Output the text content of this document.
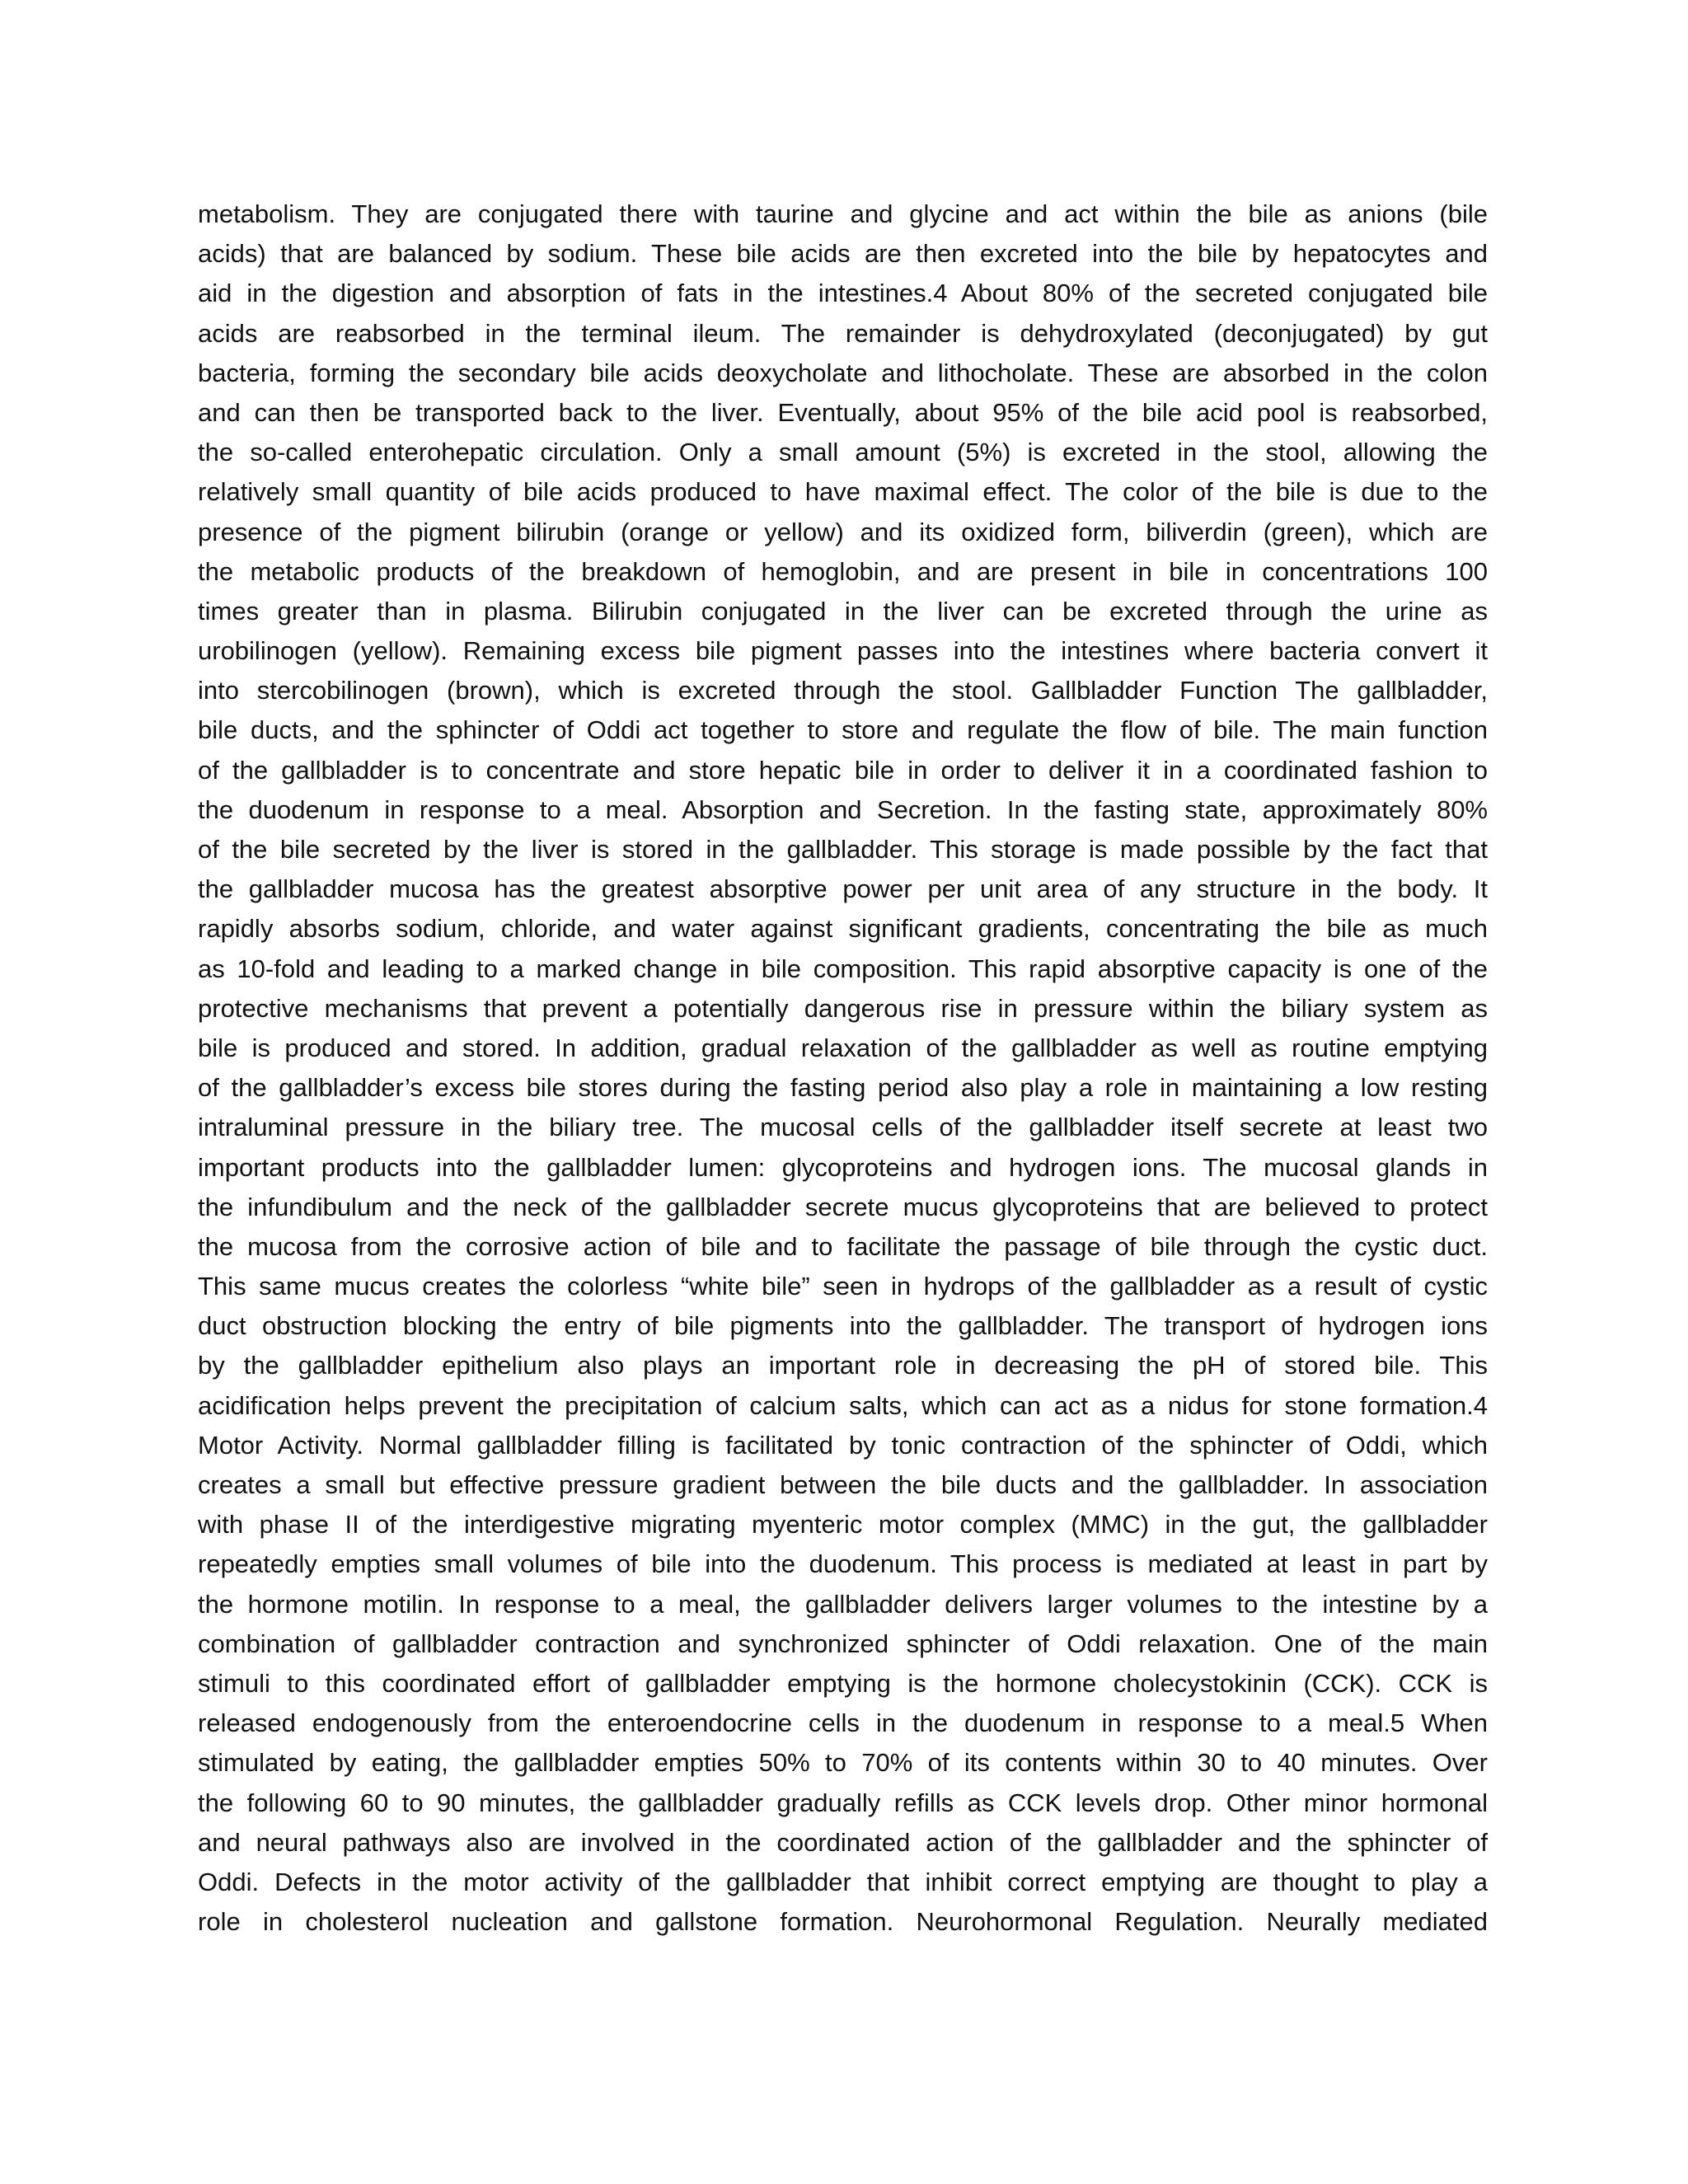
metabolism. They are conjugated there with taurine and glycine and act within the bile as anions (bile
acids) that are balanced by sodium. These bile acids are then excreted into the bile by hepatocytes and
aid in the digestion and absorption of fats in the intestines.4 About 80% of the secreted conjugated bile
acids are reabsorbed in the terminal ileum. The remainder is dehydroxylated (deconjugated) by gut
bacteria, forming the secondary bile acids deoxycholate and lithocholate. These are absorbed in the colon
and can then be transported back to the liver. Eventually, about 95% of the bile acid pool is reabsorbed,
the so-called enterohepatic circulation. Only a small amount (5%) is excreted in the stool, allowing the
relatively small quantity of bile acids produced to have maximal effect. The color of the bile is due to the
presence of the pigment bilirubin (orange or yellow) and its oxidized form, biliverdin (green), which are
the metabolic products of the breakdown of hemoglobin, and are present in bile in concentrations 100
times greater than in plasma. Bilirubin conjugated in the liver can be excreted through the urine as
urobilinogen (yellow). Remaining excess bile pigment passes into the intestines where bacteria convert it
into stercobilinogen (brown), which is excreted through the stool. Gallbladder Function The gallbladder,
bile ducts, and the sphincter of Oddi act together to store and regulate the flow of bile. The main function
of the gallbladder is to concentrate and store hepatic bile in order to deliver it in a coordinated fashion to
the duodenum in response to a meal. Absorption and Secretion. In the fasting state, approximately 80%
of the bile secreted by the liver is stored in the gallbladder. This storage is made possible by the fact that
the gallbladder mucosa has the greatest absorptive power per unit area of any structure in the body. It
rapidly absorbs sodium, chloride, and water against significant gradients, concentrating the bile as much
as 10-fold and leading to a marked change in bile composition. This rapid absorptive capacity is one of the
protective mechanisms that prevent a potentially dangerous rise in pressure within the biliary system as
bile is produced and stored. In addition, gradual relaxation of the gallbladder as well as routine emptying
of the gallbladder’s excess bile stores during the fasting period also play a role in maintaining a low resting
intraluminal pressure in the biliary tree. The mucosal cells of the gallbladder itself secrete at least two
important products into the gallbladder lumen: glycoproteins and hydrogen ions. The mucosal glands in
the infundibulum and the neck of the gallbladder secrete mucus glycoproteins that are believed to protect
the mucosa from the corrosive action of bile and to facilitate the passage of bile through the cystic duct.
This same mucus creates the colorless “white bile” seen in hydrops of the gallbladder as a result of cystic
duct obstruction blocking the entry of bile pigments into the gallbladder. The transport of hydrogen ions
by the gallbladder epithelium also plays an important role in decreasing the pH of stored bile. This
acidification helps prevent the precipitation of calcium salts, which can act as a nidus for stone formation.4
Motor Activity. Normal gallbladder filling is facilitated by tonic contraction of the sphincter of Oddi, which
creates a small but effective pressure gradient between the bile ducts and the gallbladder. In association
with phase II of the interdigestive migrating myenteric motor complex (MMC) in the gut, the gallbladder
repeatedly empties small volumes of bile into the duodenum. This process is mediated at least in part by
the hormone motilin. In response to a meal, the gallbladder delivers larger volumes to the intestine by a
combination of gallbladder contraction and synchronized sphincter of Oddi relaxation. One of the main
stimuli to this coordinated effort of gallbladder emptying is the hormone cholecystokinin (CCK). CCK is
released endogenously from the enteroendocrine cells in the duodenum in response to a meal.5 When
stimulated by eating, the gallbladder empties 50% to 70% of its contents within 30 to 40 minutes. Over
the following 60 to 90 minutes, the gallbladder gradually refills as CCK levels drop. Other minor hormonal
and neural pathways also are involved in the coordinated action of the gallbladder and the sphincter of
Oddi. Defects in the motor activity of the gallbladder that inhibit correct emptying are thought to play a
role in cholesterol nucleation and gallstone formation. Neurohormonal Regulation. Neurally mediated
